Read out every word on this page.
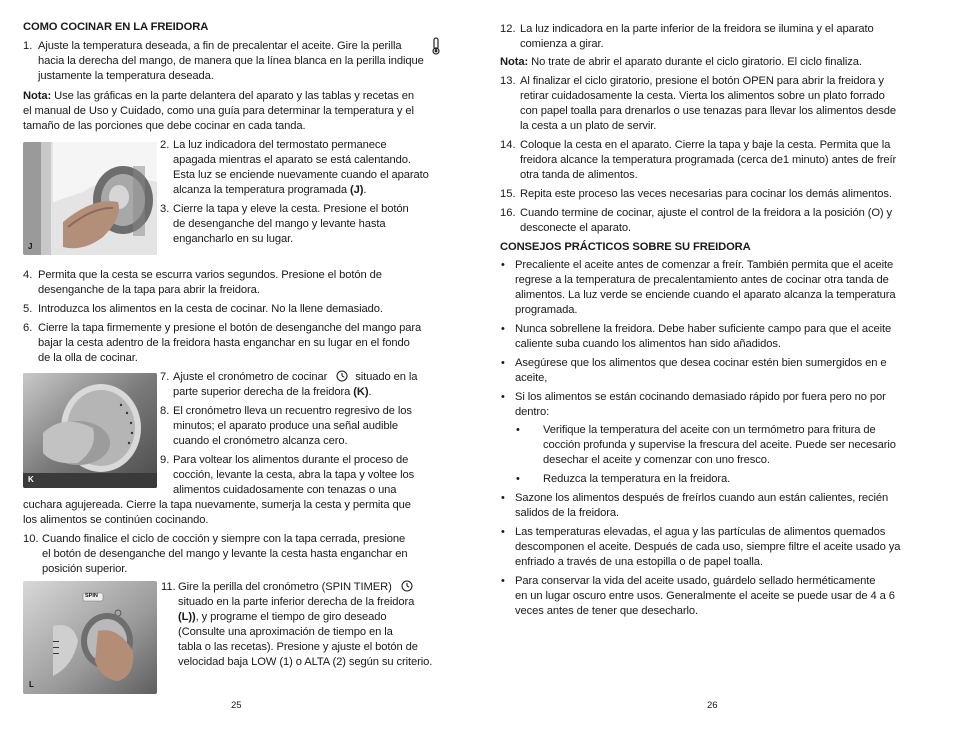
COMO COCINAR EN LA FREIDORA
1. Ajuste la temperatura deseada, a fin de precalentar el aceite. Gire la perilla
hacia la derecha del mango, de manera que la línea blanca en la perilla indique
justamente la temperatura deseada.
Nota: Use las gráficas en la parte delantera del aparato y las tablas y recetas en
el manual de Uso y Cuidado, como una guía para determinar la temperatura y el
tamaño de las porciones que debe cocinar en cada tanda.
J
2. La luz indicadora del termostato permanece
apagada mientras el aparato se está calentando.
Esta luz se enciende nuevamente cuando el aparato
alcanza la temperatura programada (J).
3. Cierre la tapa y eleve la cesta. Presione el botón
de desenganche del mango y levante hasta
engancharlo en su lugar.
4. Permita que la cesta se escurra varios segundos. Presione el botón de
desenganche de la tapa para abrir la freidora.
5. Introduzca los alimentos en la cesta de cocinar. No la llene demasiado.
6. Cierre la tapa firmemente y presione el botón de desenganche del mango para
bajar la cesta adentro de la freidora hasta enganchar en su lugar en el fondo
de la olla de cocinar.
K
7. Ajuste el cronómetro de cocinar	situado en la
parte superior derecha de la freidora (K).
8. El cronómetro lleva un recuentro regresivo de los
minutos; el aparato produce una señal audible
cuando el cronómetro alcanza cero.
9. Para voltear los alimentos durante el proceso de
cocción, levante la cesta, abra la tapa y voltee los
alimentos cuidadosamente con tenazas o una
cuchara agujereada. Cierre la tapa nuevamente, sumerja la cesta y permita que
los alimentos se continúen cocinando.
10. Cuando finalice el ciclo de cocción y siempre con la tapa cerrada, presione
el botón de desenganche del mango y levante la cesta hasta enganchar en
posición superior.
SPIN
L
11. Gire la perilla del cronómetro (SPIN TIMER)
situado en la parte inferior derecha de la freidora
(L)), y programe el tiempo de giro deseado
(Consulte una aproximación de tiempo en la
tabla o las recetas). Presione y ajuste el botón de
velocidad baja LOW (1) o ALTA (2) según su criterio.
25
12. La luz indicadora en la parte inferior de la freidora se ilumina y el aparato
comienza a girar.
Nota: No trate de abrir el aparato durante el ciclo giratorio. El ciclo finaliza.
13. Al finalizar el ciclo giratorio, presione el botón OPEN para abrir la freidora y
retirar cuidadosamente la cesta. Vierta los alimentos sobre un plato forrado
con papel toalla para drenarlos o use tenazas para llevar los alimentos desde
la cesta a un plato de servir.
14. Coloque la cesta en el aparato. Cierre la tapa y baje la cesta. Permita que la
freidora alcance la temperatura programada (cerca de1 minuto) antes de freír
otra tanda de alimentos.
15. Repita este proceso las veces necesarias para cocinar los demás alimentos.
16. Cuando termine de cocinar, ajuste el control de la freidora a la posición (O) y
desconecte el aparato.
CONSEJOS PRÁCTICOS SOBRE SU FREIDORA
• Precaliente el aceite antes de comenzar a freír. También permita que el aceite
regrese a la temperatura de precalentamiento antes de cocinar otra tanda de
alimentos. La luz verde se enciende cuando el aparato alcanza la temperatura
programada.
• Nunca sobrellene la freidora. Debe haber suficiente campo para que el aceite
caliente suba cuando los alimentos han sido añadidos.
• Asegúrese que los alimentos que desea cocinar estén bien sumergidos en e
aceite,
• Si los alimentos se están cocinando demasiado rápido por fuera pero no por
dentro:
• Verifique la temperatura del aceite con un termómetro para fritura de
cocción profunda y supervise la frescura del aceite. Puede ser necesario
desechar el aceite y comenzar con uno fresco.
• Reduzca la temperatura en la freidora.
• Sazone los alimentos después de freírlos cuando aun están calientes, recién
salidos de la freidora.
• Las temperaturas elevadas, el agua y las partículas de alimentos quemados
descomponen el aceite. Después de cada uso, siempre filtre el aceite usado ya
enfriado a través de una estopilla o de papel toalla.
• Para conservar la vida del aceite usado, guárdelo sellado herméticamente
en un lugar oscuro entre usos. Generalmente el aceite se puede usar de 4 a 6
veces antes de tener que desecharlo.
26
